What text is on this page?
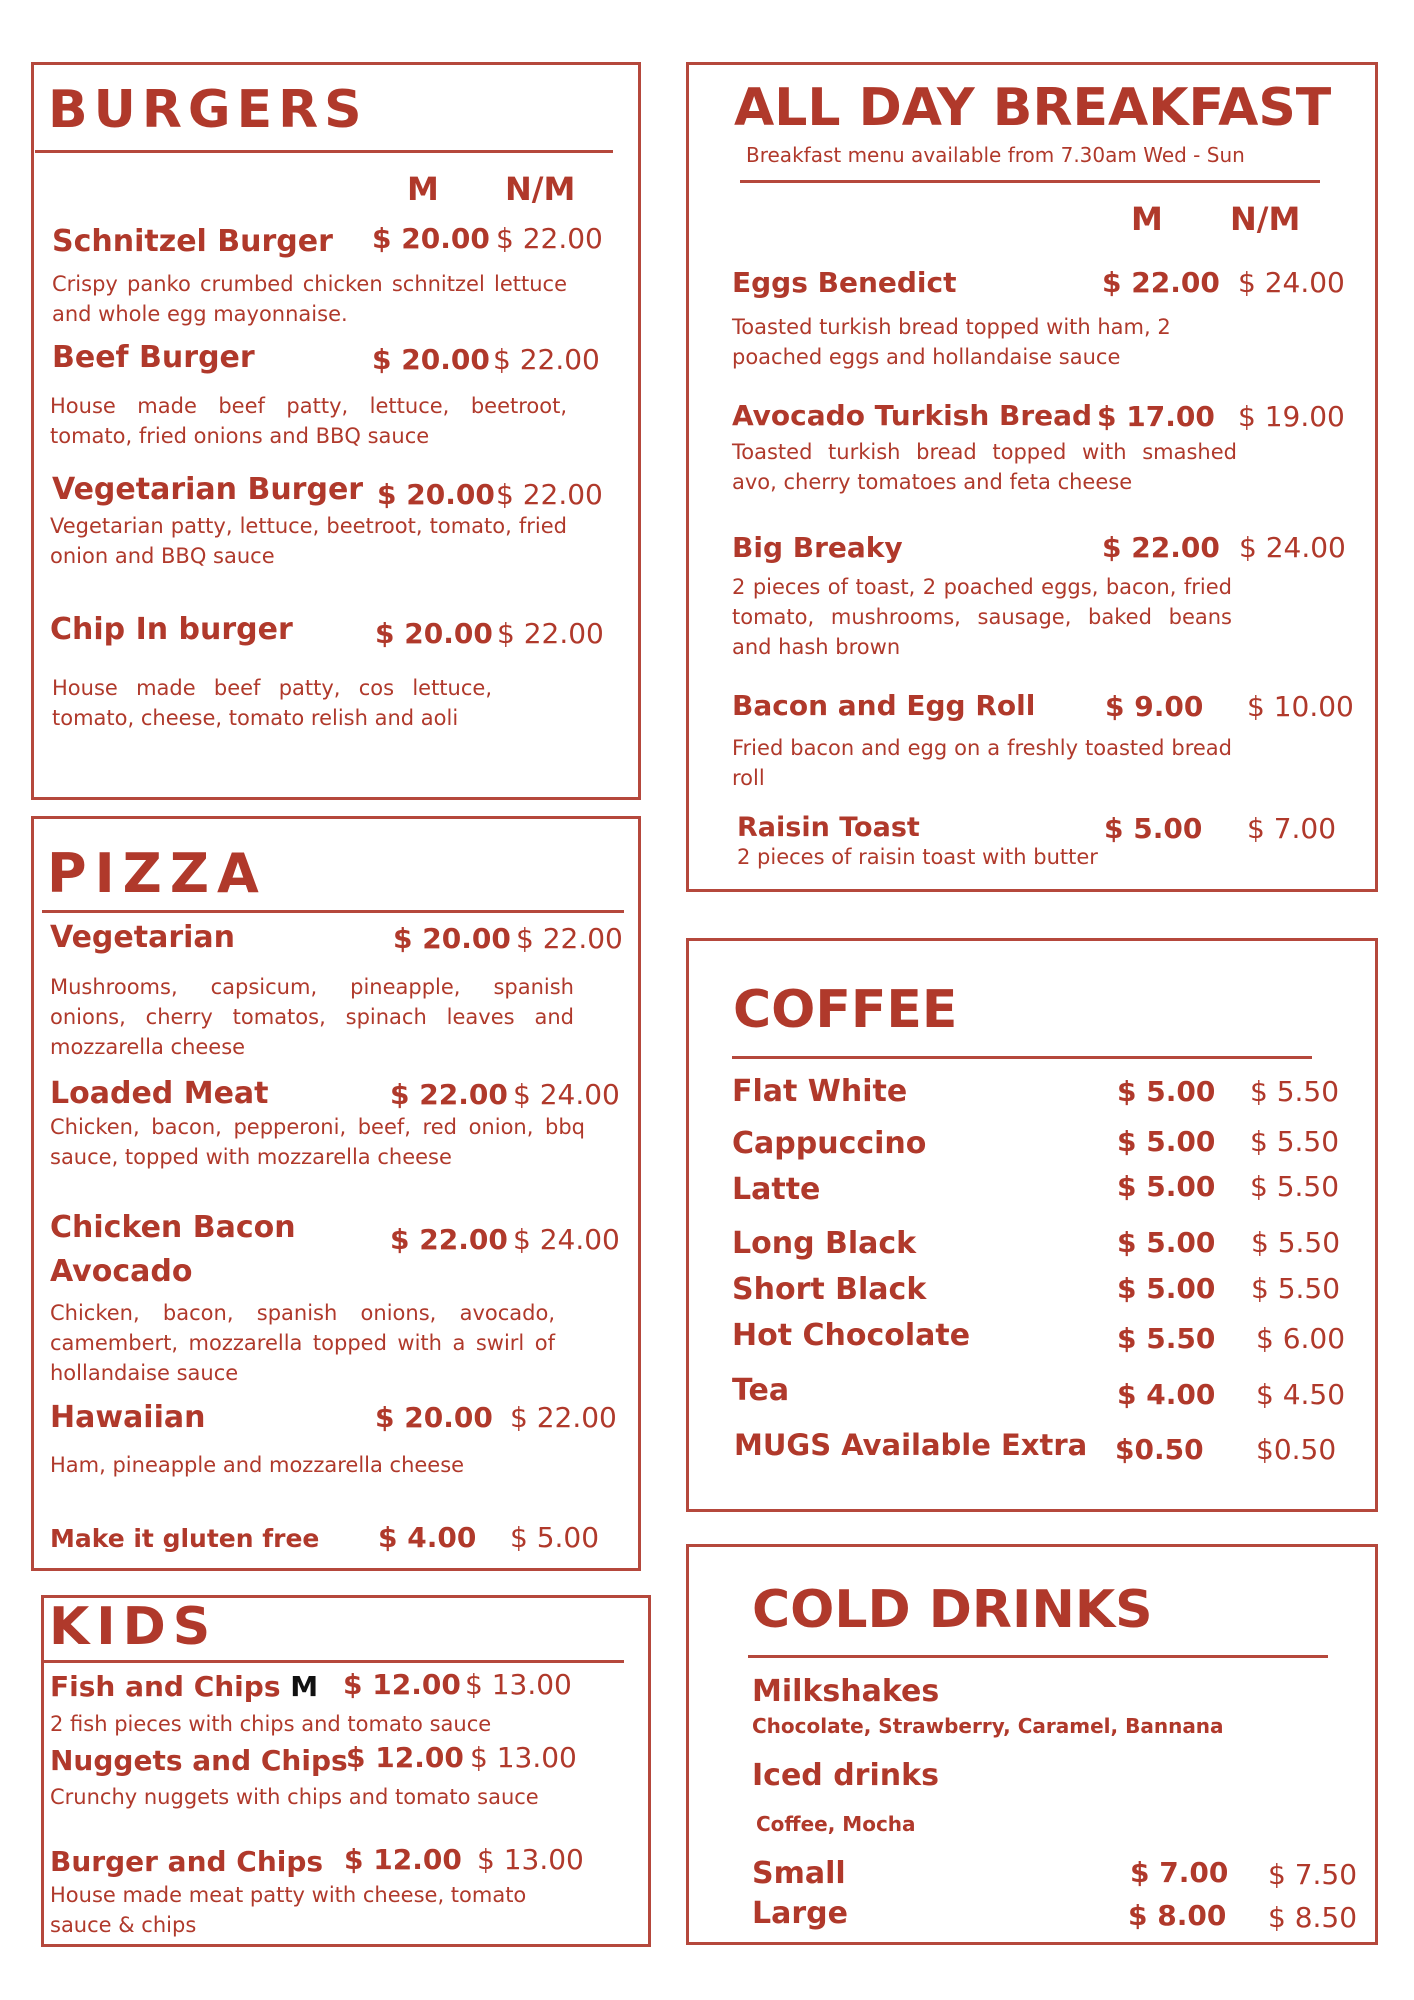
BURGERS
M N/M
Schnitzel Burger $ 20.00 $ 22.00
Crispy panko crumbed chicken schnitzel lettuce and whole egg mayonnaise.
Beef Burger	$ 20.00 $ 22.00
House made beef patty, lettuce, beetroot, tomato, fried onions and BBQ sauce
Vegetarian Burger $ 20.00 $ 22.00
Vegetarian patty, lettuce, beetroot, tomato, fried onion and BBQ sauce
Chip In burger	$ 20.00 $ 22.00
House made beef patty, cos lettuce, tomato, cheese, tomato relish and aoli
PIZZA
Vegetarian	$ 20.00 $ 22.00
Mushrooms, capsicum, pineapple, spanish onions, cherry tomatos, spinach leaves and mozzarella cheese
Loaded Meat	$ 22.00 $ 24.00
Chicken, bacon, pepperoni, beef, red onion, bbq sauce, topped with mozzarella cheese
Chicken Bacon
Avocado
$ 22.00 $ 24.00
Chicken, bacon, spanish onions, avocado, camembert, mozzarella topped with a swirl of hollandaise sauce
Hawaiian	$ 20.00 $ 22.00
Ham, pineapple and mozzarella cheese
Make it gluten free $ 4.00 $ 5.00
KIDS
Fish and Chips M $ 12.00 $ 13.00
2 fish pieces with chips and tomato sauce
Nuggets and Chips
$ 12.00 $ 13.00
Crunchy nuggets with chips and tomato sauce
Burger and Chips $ 12.00 $ 13.00
House made meat patty with cheese, tomato sauce & chips
ALL DAY BREAKFAST
Breakfast menu available from 7.30am Wed - Sun
M N/M
Eggs Benedict	$ 22.00 $ 24.00
Toasted turkish bread topped with ham, 2 poached eggs and hollandaise sauce
Avocado Turkish Bread $ 17.00 $ 19.00
Toasted turkish bread topped with smashed avo, cherry tomatoes and feta cheese
Big Breaky	$ 22.00 $ 24.00
2 pieces of toast, 2 poached eggs, bacon, fried tomato, mushrooms, sausage, baked beans and hash brown
Bacon and Egg Roll $ 9.00 $ 10.00
Fried bacon and egg on a freshly toasted bread roll
Raisin Toast	$ 5.00 $ 7.00
2 pieces of raisin toast with butter
COFFEE
Flat White	$ 5.00 $ 5.50
Cappuccino	$ 5.00 $ 5.50
Latte	$ 5.00 $ 5.50
Long Black	$ 5.00 $ 5.50
Short Black	$ 5.00 $ 5.50
Hot Chocolate	$ 5.50 $ 6.00
Tea	$ 4.00 $ 4.50
MUGS Available Extra $0.50 $0.50
COLD DRINKS
Milkshakes
Chocolate, Strawberry, Caramel, Bannana
Iced drinks
Coffee, Mocha
Small	$ 7.00 $ 7.50
Large	$ 8.00 $ 8.50
